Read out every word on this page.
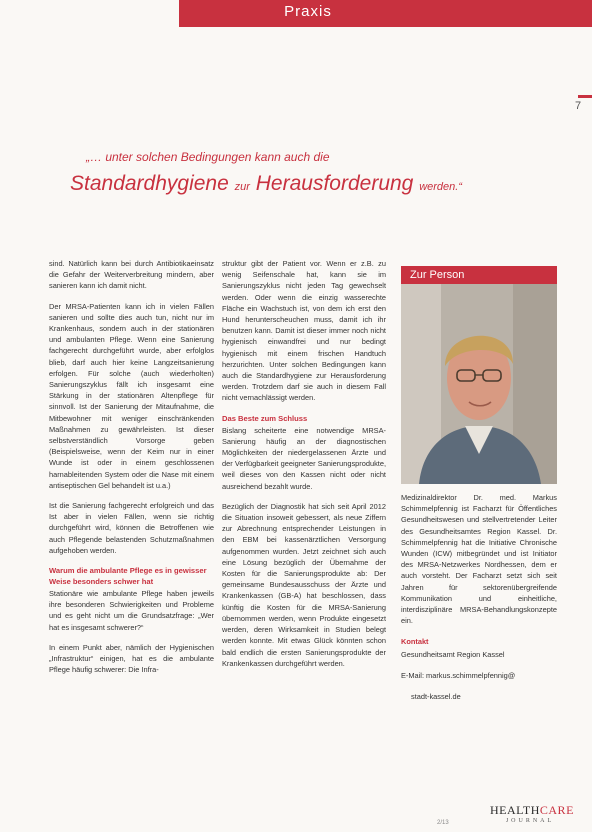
Praxis
7
„… unter solchen Bedingungen kann auch die
Standardhygiene zur Herausforderung werden.“

sind. Natürlich kann bei durch Antibiotikaeinsatz die Gefahr der Weiterverbreitung mindern, aber sanieren kann ich damit nicht.

Der MRSA-Patienten kann ich in vielen Fällen sanieren und sollte dies auch tun, nicht nur im Krankenhaus, sondern auch in der stationären und ambulanten Pflege. Wenn eine Sanierung fachgerecht durchgeführt wurde, aber erfolglos blieb, darf auch hier keine Langzeitsanierung erfolgen. Für solche (auch wiederholten) Sanierungszyklus fällt ich insgesamt eine Stärkung in der stationären Altenpflege für sinnvoll. Ist der Sanierung der Mitaufnahme, die Mitbewohner mit weniger einschränkenden Maßnahmen zu gewährleisten. Ist dieser selbstverständlich Vorsorge geben (Beispielsweise, wenn der Keim nur in einer Wunde ist oder in einem geschlossenen harnableitenden System oder die Nase mit einem antiseptischen Gel behandelt ist u.a.)

Ist die Sanierung fachgerecht erfolgreich und das Ist aber in vielen Fällen, wenn sie richtig durchgeführt wird, können die Betroffenen wie auch Pflegende belastenden Schutzmaßnahmen aufgehoben werden.

Warum die ambulante Pflege es in gewisser Weise besonders schwer hat

Stationäre wie ambulante Pflege haben jeweils ihre besonderen Schwierigkeiten und Probleme und es geht nicht um die Grundsatzfrage: „Wer hat es insgesamt schwerer?“

In einem Punkt aber, nämlich der Hygienischen „Infrastruktur“ einigen, hat es die ambulante Pflege häufig schwerer: Die Infra-

struktur gibt der Patient vor. Wenn er z.B. zu wenig Seifenschale hat, kann sie im Sanierungszyklus nicht jeden Tag gewechselt werden. Oder wenn die einzig wasserechte Fläche ein Wachstuch ist, von dem ich erst den Hund herunterscheuchen muss, damit ich ihr benutzen kann. Damit ist dieser immer noch nicht hygienisch einwandfrei und nur bedingt hygienisch mit einem frischen Handtuch herzurichten. Unter solchen Bedingungen kann auch die Standardhygiene zur Herausforderung werden. Trotzdem darf sie auch in diesem Fall nicht vernachlässigt werden.

Das Beste zum Schluss

Bislang scheiterte eine notwendige MRSA-Sanierung häufig an der diagnostischen Möglichkeiten der niedergelassenen Ärzte und der Verfügbarkeit geeigneter Sanierungsprodukte, weil dieses von den Kassen nicht oder nicht ausreichend bezahlt wurde.

Bezüglich der Diagnostik hat sich seit April 2012 die Situation insoweit gebessert, als neue Ziffern zur Abrechnung entsprechender Leistungen in den EBM bei kassenärztlichen Versorgung aufgenommen wurden. Jetzt zeichnet sich auch eine Lösung bezüglich der Übernahme der Kosten für die Sanierungsprodukte ab: Der gemeinsame Bundesausschuss der Ärzte und Krankenkassen (GB-A) hat beschlossen, dass künftig die Kosten für die MRSA-Sanierung übernommen werden, wenn Produkte eingesetzt werden, deren Wirksamkeit in Studien belegt werden konnte. Mit etwas Glück könnten schon bald endlich die ersten Sanierungsprodukte der Krankenkassen durchgeführt werden.

Zur Person

Medizinaldirektor Dr. med. Markus Schimmelpfennig ist Facharzt für Öffentliches Gesundheitswesen und stellvertretender Leiter des Gesundheitsamtes Region Kassel. Dr. Schimmelpfennig hat die Initiative Chronische Wunden (ICW) mitbegründet und ist Initiator des MRSA-Netzwerkes Nordhessen, dem er auch vorsteht. Der Facharzt setzt sich seit Jahren für sektorenübergreifende Kommunikation und einheitliche, interdisziplinäre MRSA-Behandlungskonzepte ein.

Kontakt

Gesundheitsamt Region Kassel

E-Mail: markus.schimmelpfennig@

stadt-kassel.de

2/13
HEALTHCARE
JOURNAL
